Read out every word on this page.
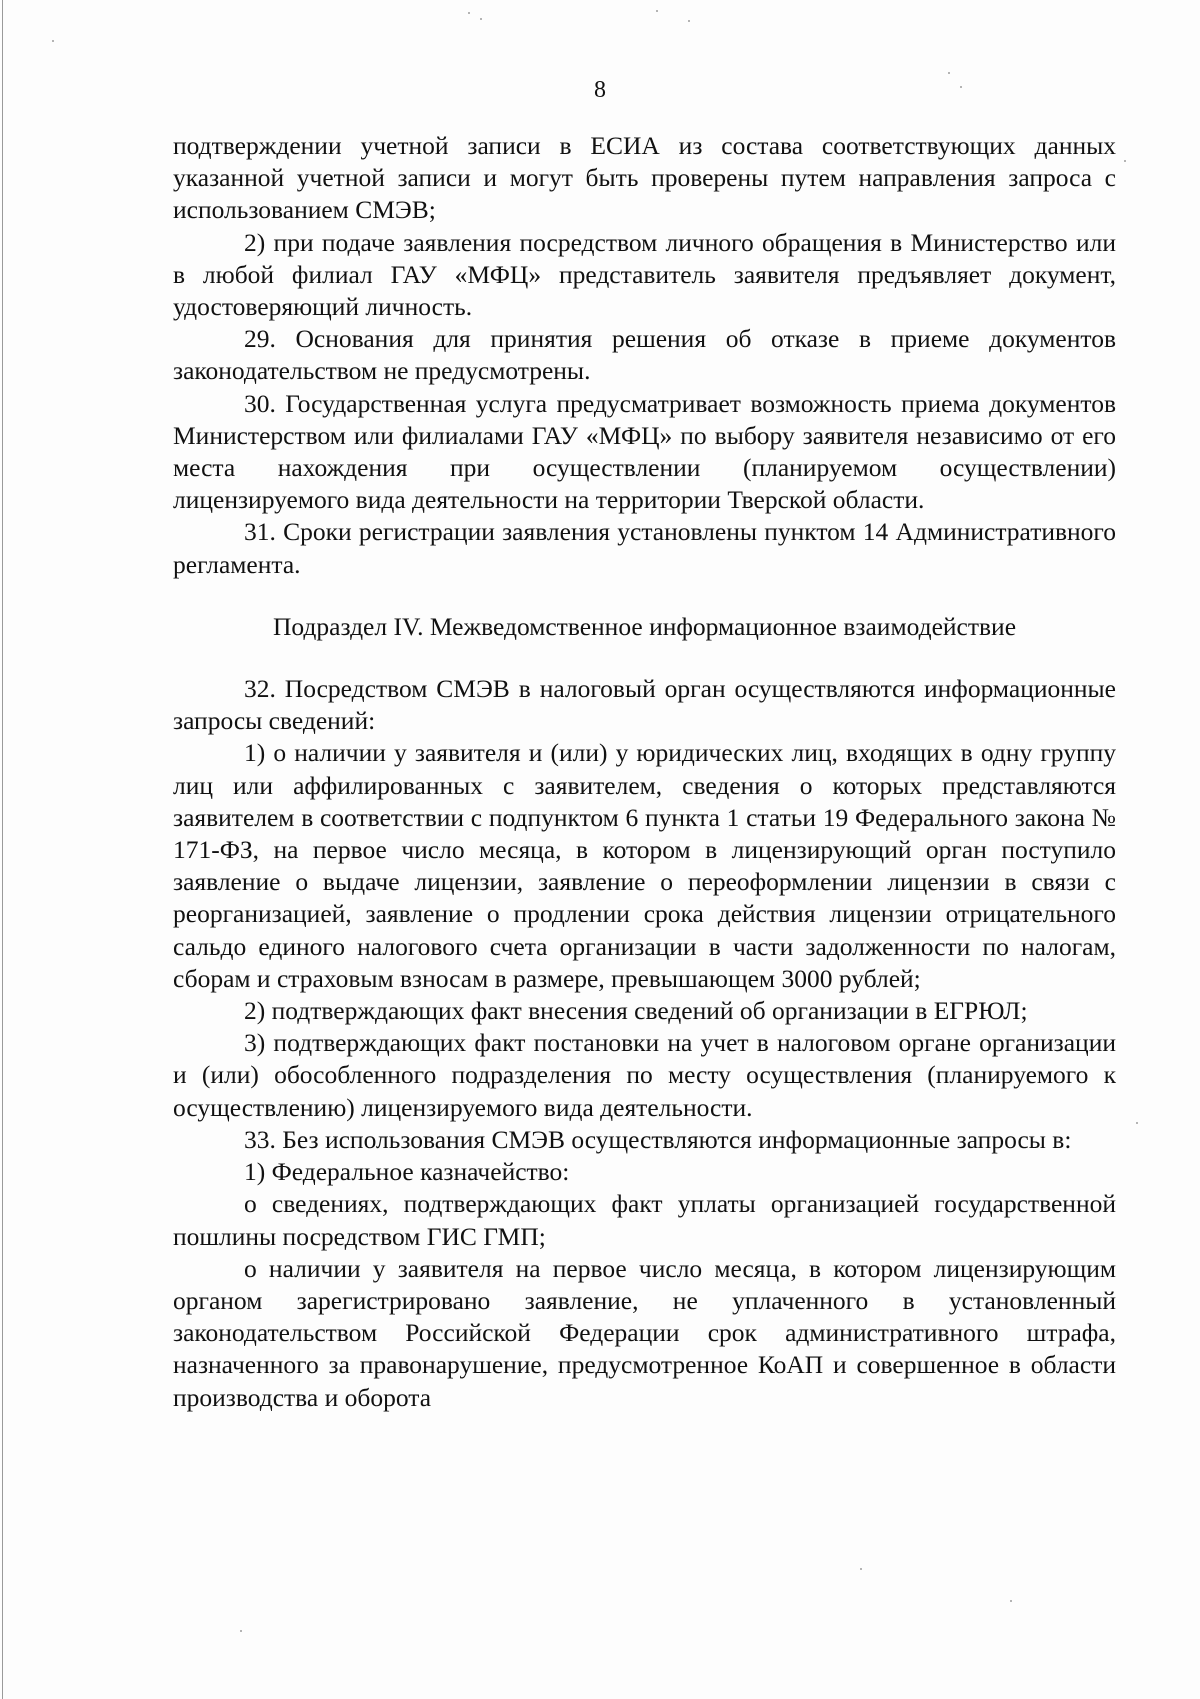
8

подтверждении учетной записи в ЕСИА из состава соответствующих данных указанной учетной записи и могут быть проверены путем направления запроса с использованием СМЭВ;

2) при подаче заявления посредством личного обращения в Министерство или в любой филиал ГАУ «МФЦ» представитель заявителя предъявляет документ, удостоверяющий личность.

29. Основания для принятия решения об отказе в приеме документов законодательством не предусмотрены.

30. Государственная услуга предусматривает возможность приема документов Министерством или филиалами ГАУ «МФЦ» по выбору заявителя независимо от его места нахождения при осуществлении (планируемом осуществлении) лицензируемого вида деятельности на территории Тверской области.

31. Сроки регистрации заявления установлены пунктом 14 Административного регламента.

Подраздел IV. Межведомственное информационное взаимодействие

32. Посредством СМЭВ в налоговый орган осуществляются информационные запросы сведений:

1) о наличии у заявителя и (или) у юридических лиц, входящих в одну группу лиц или аффилированных с заявителем, сведения о которых представляются заявителем в соответствии с подпунктом 6 пункта 1 статьи 19 Федерального закона № 171-ФЗ, на первое число месяца, в котором в лицензирующий орган поступило заявление о выдаче лицензии, заявление о переоформлении лицензии в связи с реорганизацией, заявление о продлении срока действия лицензии отрицательного сальдо единого налогового счета организации в части задолженности по налогам, сборам и страховым взносам в размере, превышающем 3000 рублей;

2) подтверждающих факт внесения сведений об организации в ЕГРЮЛ;

3) подтверждающих факт постановки на учет в налоговом органе организации и (или) обособленного подразделения по месту осуществления (планируемого к осуществлению) лицензируемого вида деятельности.

33. Без использования СМЭВ осуществляются информационные запросы в:

1) Федеральное казначейство:

о сведениях, подтверждающих факт уплаты организацией государственной пошлины посредством ГИС ГМП;

о наличии у заявителя на первое число месяца, в котором лицензирующим органом зарегистрировано заявление, не уплаченного в установленный законодательством Российской Федерации срок административного штрафа, назначенного за правонарушение, предусмотренное КоАП и совершенное в области производства и оборота
